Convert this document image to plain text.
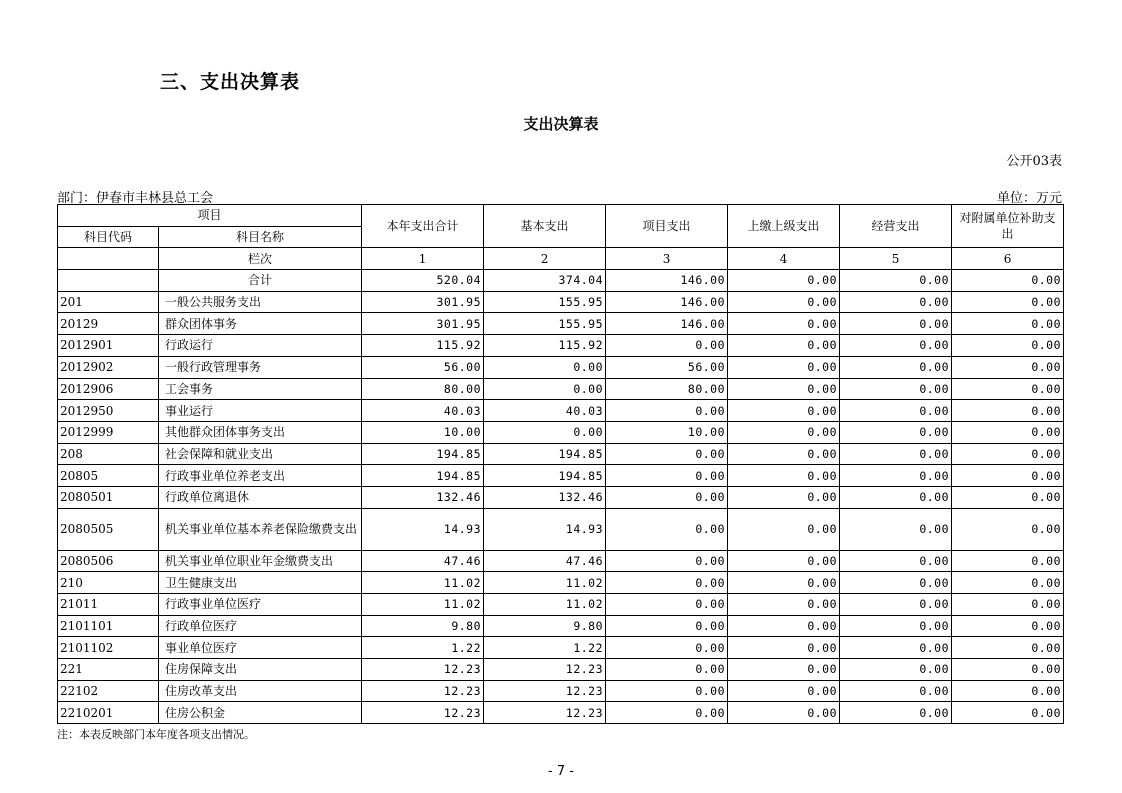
三、支出决算表
支出决算表
公开03表
部门：伊春市丰林县总工会	单位：万元
项目		本年支出合计	基本支出	项目支出	上缴上级支出	经营支出	对附属单位补助支出
科目代码	科目名称						
	栏次	1	2	3	4	5	6
	合计	520.04	374.04	146.00	0.00	0.00	0.00
201	一般公共服务支出	301.95	155.95	146.00	0.00	0.00	0.00
20129	群众团体事务	301.95	155.95	146.00	0.00	0.00	0.00
2012901	行政运行	115.92	115.92	0.00	0.00	0.00	0.00
2012902	一般行政管理事务	56.00	0.00	56.00	0.00	0.00	0.00
2012906	工会事务	80.00	0.00	80.00	0.00	0.00	0.00
2012950	事业运行	40.03	40.03	0.00	0.00	0.00	0.00
2012999	其他群众团体事务支出	10.00	0.00	10.00	0.00	0.00	0.00
208	社会保障和就业支出	194.85	194.85	0.00	0.00	0.00	0.00
20805	行政事业单位养老支出	194.85	194.85	0.00	0.00	0.00	0.00
2080501	行政单位离退休	132.46	132.46	0.00	0.00	0.00	0.00
2080505	机关事业单位基本养老保险缴费支出	14.93	14.93	0.00	0.00	0.00	0.00
2080506	机关事业单位职业年金缴费支出	47.46	47.46	0.00	0.00	0.00	0.00
210	卫生健康支出	11.02	11.02	0.00	0.00	0.00	0.00
21011	行政事业单位医疗	11.02	11.02	0.00	0.00	0.00	0.00
2101101	行政单位医疗	9.80	9.80	0.00	0.00	0.00	0.00
2101102	事业单位医疗	1.22	1.22	0.00	0.00	0.00	0.00
221	住房保障支出	12.23	12.23	0.00	0.00	0.00	0.00
22102	住房改革支出	12.23	12.23	0.00	0.00	0.00	0.00
2210201	住房公积金	12.23	12.23	0.00	0.00	0.00	0.00
注：本表反映部门本年度各项支出情况。
- 7 -
